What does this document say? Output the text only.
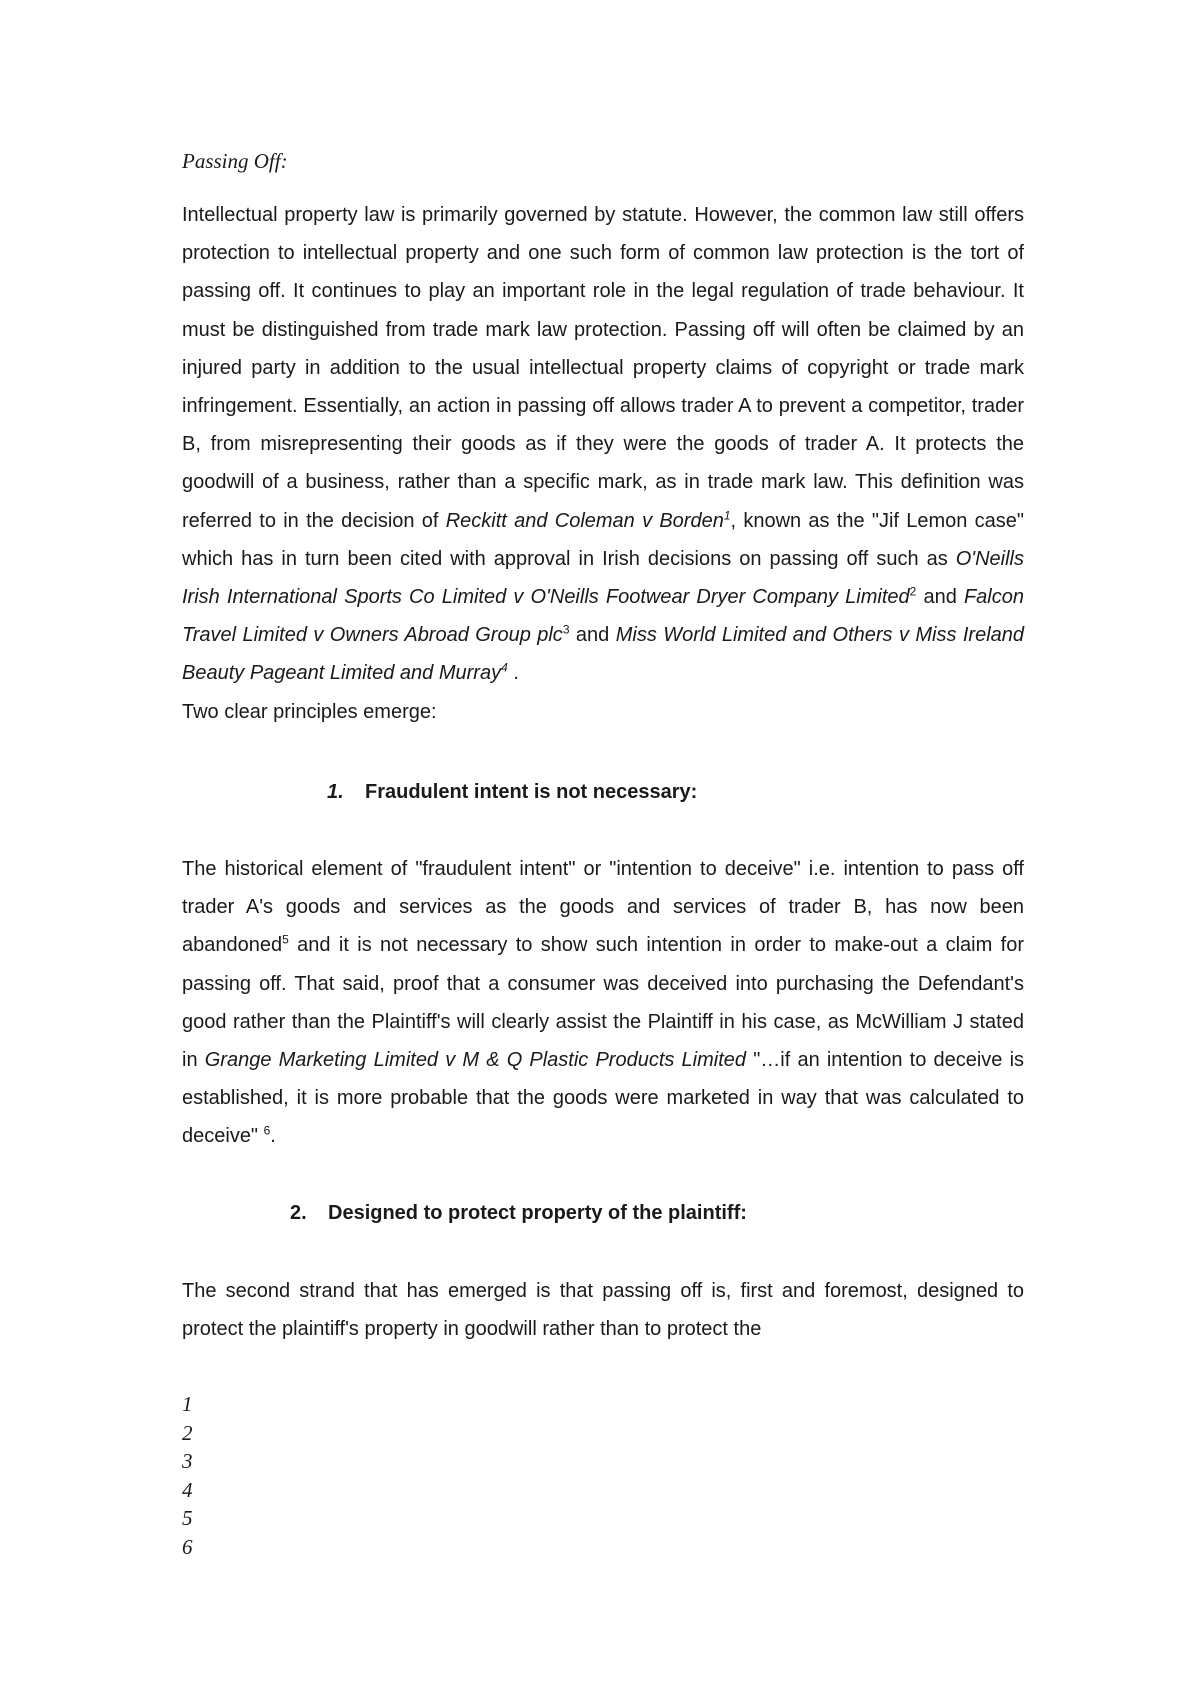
Passing Off:

Intellectual property law is primarily governed by statute. However, the common law still offers protection to intellectual property and one such form of common law protection is the tort of passing off. It continues to play an important role in the legal regulation of trade behaviour. It must be distinguished from trade mark law protection. Passing off will often be claimed by an injured party in addition to the usual intellectual property claims of copyright or trade mark infringement. Essentially, an action in passing off allows trader A to prevent a competitor, trader B, from misrepresenting their goods as if they were the goods of trader A. It protects the goodwill of a business, rather than a specific mark, as in trade mark law. This definition was referred to in the decision of Reckitt and Coleman v Borden$^1$, known as the "Jif Lemon case" which has in turn been cited with approval in Irish decisions on passing off such as O'Neills Irish International Sports Co Limited v O'Neills Footwear Dryer Company Limited$^2$ and Falcon Travel Limited v Owners Abroad Group plc$^3$ and Miss World Limited and Others v Miss Ireland Beauty Pageant Limited and Murray$^4$ .

Two clear principles emerge:

1. Fraudulent intent is not necessary:

The historical element of "fraudulent intent" or "intention to deceive" i.e. intention to pass off trader A's goods and services as the goods and services of trader B, has now been abandoned$^5$ and it is not necessary to show such intention in order to make-out a claim for passing off. That said, proof that a consumer was deceived into purchasing the Defendant's good rather than the Plaintiff's will clearly assist the Plaintiff in his case, as McWilliam J stated in Grange Marketing Limited v M & Q Plastic Products Limited "…if an intention to deceive is established, it is more probable that the goods were marketed in way that was calculated to deceive" $^6$.

2. Designed to protect property of the plaintiff:

The second strand that has emerged is that passing off is, first and foremost, designed to protect the plaintiff's property in goodwill rather than to protect the

1
2
3
4
5
6
